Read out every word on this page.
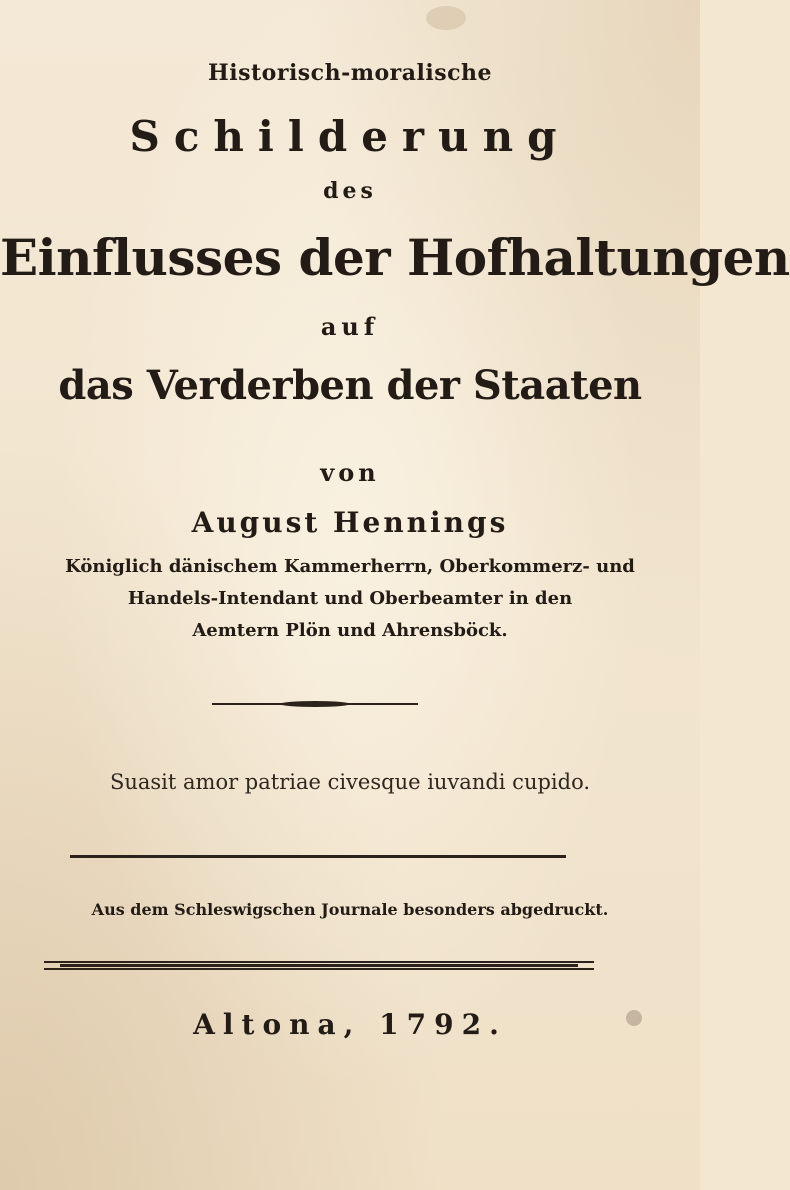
Historisch-moralische
Schilderung
des
Einflusses der Hofhaltungen
auf
das Verderben der Staaten
von
August Hennings
Königlich dänischem Kammerherrn, Oberkommerz- und
Handels-Intendant und Oberbeamter in den
Aemtern Plön und Ahrensböck.
Suasit amor patriae civesque iuvandi cupido.
Aus dem Schleswigschen Journale besonders abgedruckt.
Altona, 1792.
